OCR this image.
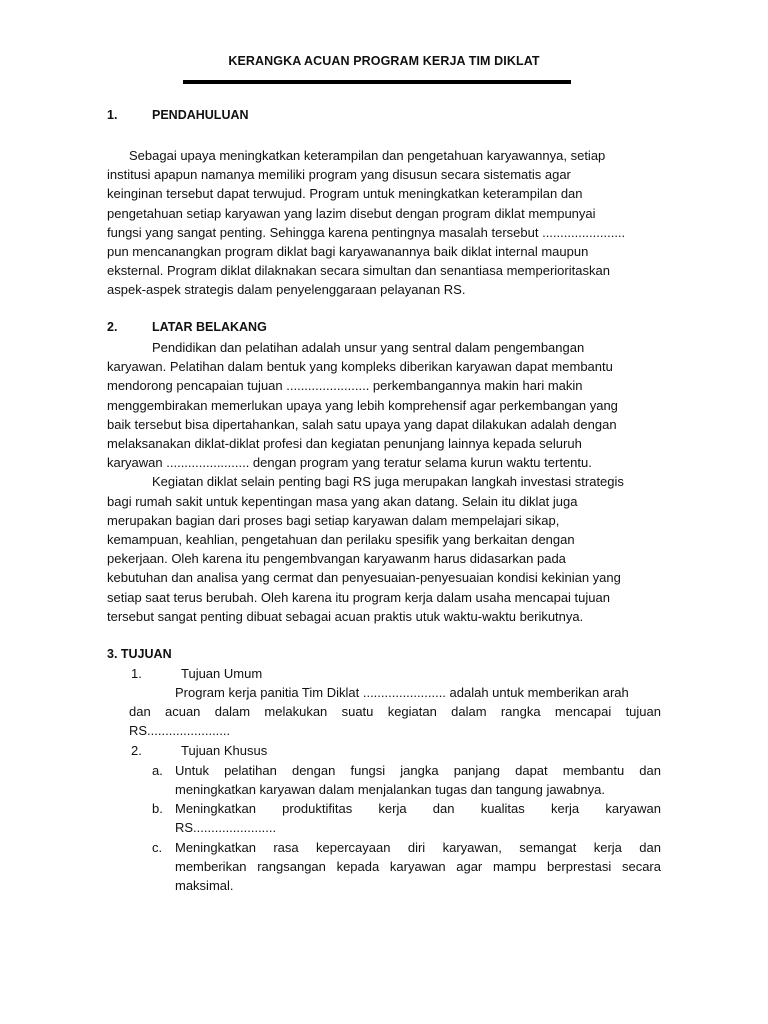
KERANGKA ACUAN PROGRAM KERJA TIM DIKLAT
1.	PENDAHULUAN
Sebagai upaya meningkatkan keterampilan dan pengetahuan karyawannya, setiap
institusi apapun namanya memiliki program yang disusun secara sistematis agar
keinginan tersebut dapat terwujud. Program untuk meningkatkan keterampilan dan
pengetahuan setiap karyawan yang lazim disebut dengan program diklat mempunyai
fungsi yang sangat penting. Sehingga karena pentingnya masalah tersebut .......................
pun mencanangkan program diklat bagi karyawanannya baik diklat internal maupun
eksternal. Program diklat dilaknakan secara simultan dan senantiasa memperioritaskan
aspek-aspek strategis dalam penyelenggaraan pelayanan RS.
2.	LATAR BELAKANG
Pendidikan dan pelatihan adalah unsur yang sentral dalam pengembangan
karyawan. Pelatihan dalam bentuk yang kompleks diberikan karyawan dapat membantu
mendorong pencapaian tujuan ....................... perkembangannya makin hari makin
menggembirakan memerlukan upaya yang lebih komprehensif agar perkembangan yang
baik tersebut bisa dipertahankan, salah satu upaya yang dapat dilakukan adalah dengan
melaksanakan diklat-diklat profesi dan kegiatan penunjang lainnya kepada seluruh
karyawan ....................... dengan program yang teratur selama kurun waktu tertentu.
Kegiatan diklat selain penting bagi RS juga merupakan langkah investasi strategis
bagi rumah sakit untuk kepentingan masa yang akan datang. Selain itu diklat juga
merupakan bagian dari proses bagi setiap karyawan dalam mempelajari sikap,
kemampuan, keahlian, pengetahuan dan perilaku spesifik yang berkaitan dengan
pekerjaan. Oleh karena itu pengembvangan karyawanm harus didasarkan pada
kebutuhan dan analisa yang cermat dan penyesuaian-penyesuaian kondisi kekinian yang
setiap saat terus berubah. Oleh karena itu program kerja dalam usaha mencapai tujuan
tersebut sangat penting dibuat sebagai acuan praktis utuk waktu-waktu berikutnya.
3. TUJUAN
1.	Tujuan Umum
Program kerja panitia Tim Diklat ....................... adalah untuk memberikan arah
dan acuan dalam melakukan suatu kegiatan dalam rangka mencapai tujuan
RS.......................
2.	Tujuan Khusus
a. Untuk pelatihan dengan fungsi jangka panjang dapat membantu dan
meningkatkan karyawan dalam menjalankan tugas dan tangung jawabnya.
b. Meningkatkan produktifitas kerja dan kualitas kerja karyawan
RS.......................
c. Meningkatkan rasa kepercayaan diri karyawan, semangat kerja dan
memberikan rangsangan kepada karyawan agar mampu berprestasi secara
maksimal.
